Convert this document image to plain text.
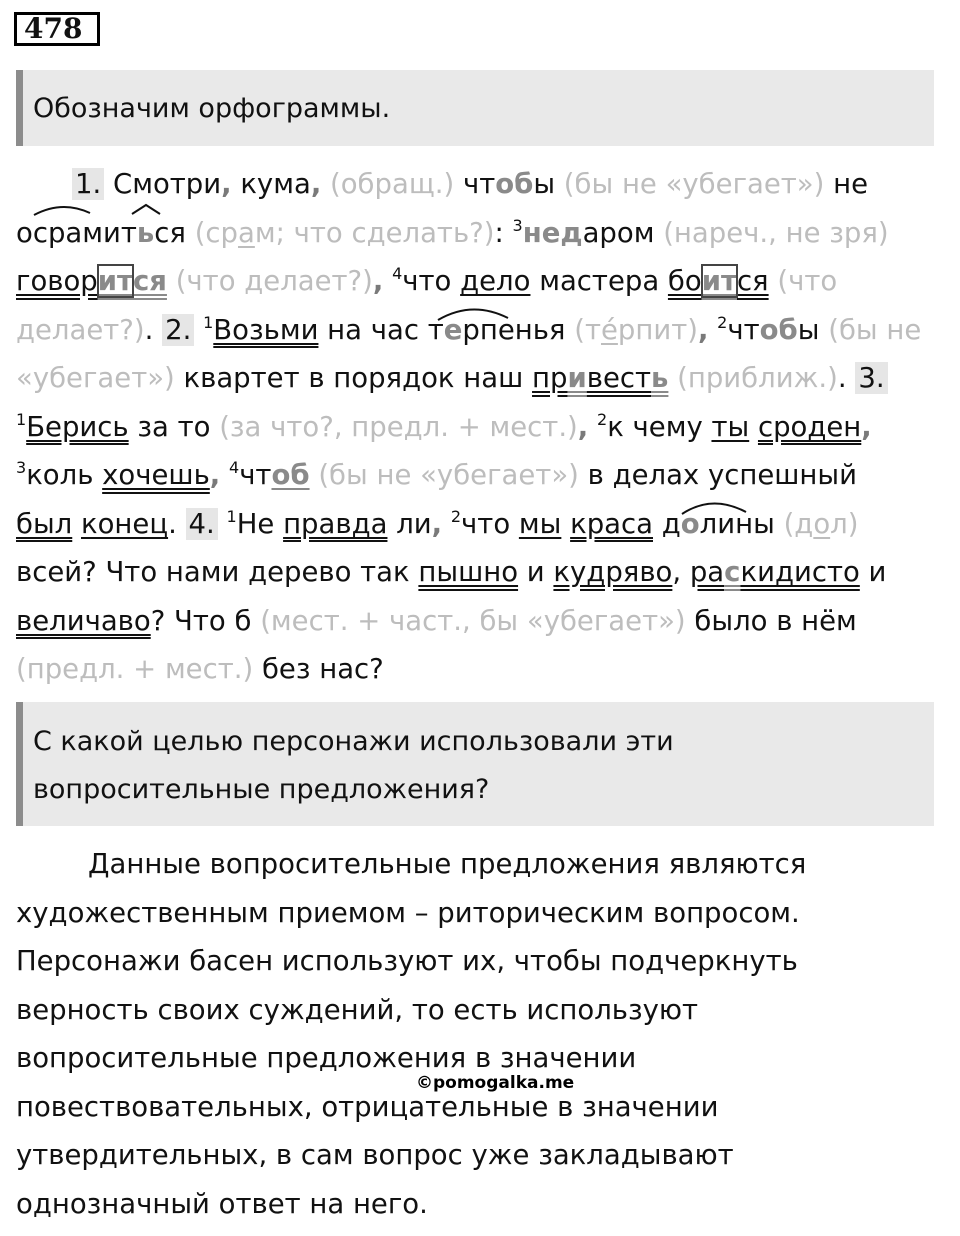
478
Обозначим орфограммы.
1. Смотри, кума, (обращ.) чтобы (бы не «убегает») не
осрамиться (срам; что сделать?): $^3$недаром (нареч., не зря)
говорится (что делает?), $^4$что дело мастера боится (что
делает?). 2. $^1$Возьми на час терпенья (те́рпит), $^2$чтобы (бы не
«убегает») квартет в порядок наш привесть (приближ.). 3.
$^1$Берись за то (за что?, предл. + мест.), $^2$к чему ты сроден,
$^3$коль хочешь, $^4$чтоб (бы не «убегает») в делах успешный
был конец. 4. $^1$Не правда ли, $^2$что мы краса долины (дол)
всей? Что нами дерево так пышно и кудряво, раскидисто и
величаво? Что б (мест. + част., бы «убегает») было в нём
(предл. + мест.) без нас?
С какой целью персонажи использовали эти
вопросительные предложения?
Данные вопросительные предложения являются
художественным приемом – риторическим вопросом.
Персонажи басен используют их, чтобы подчеркнуть
верность своих суждений, то есть используют
вопросительные предложения в значении
повествовательных, отрицательные в значении
утвердительных, в сам вопрос уже закладывают
однозначный ответ на него.
©pomogalka.me
